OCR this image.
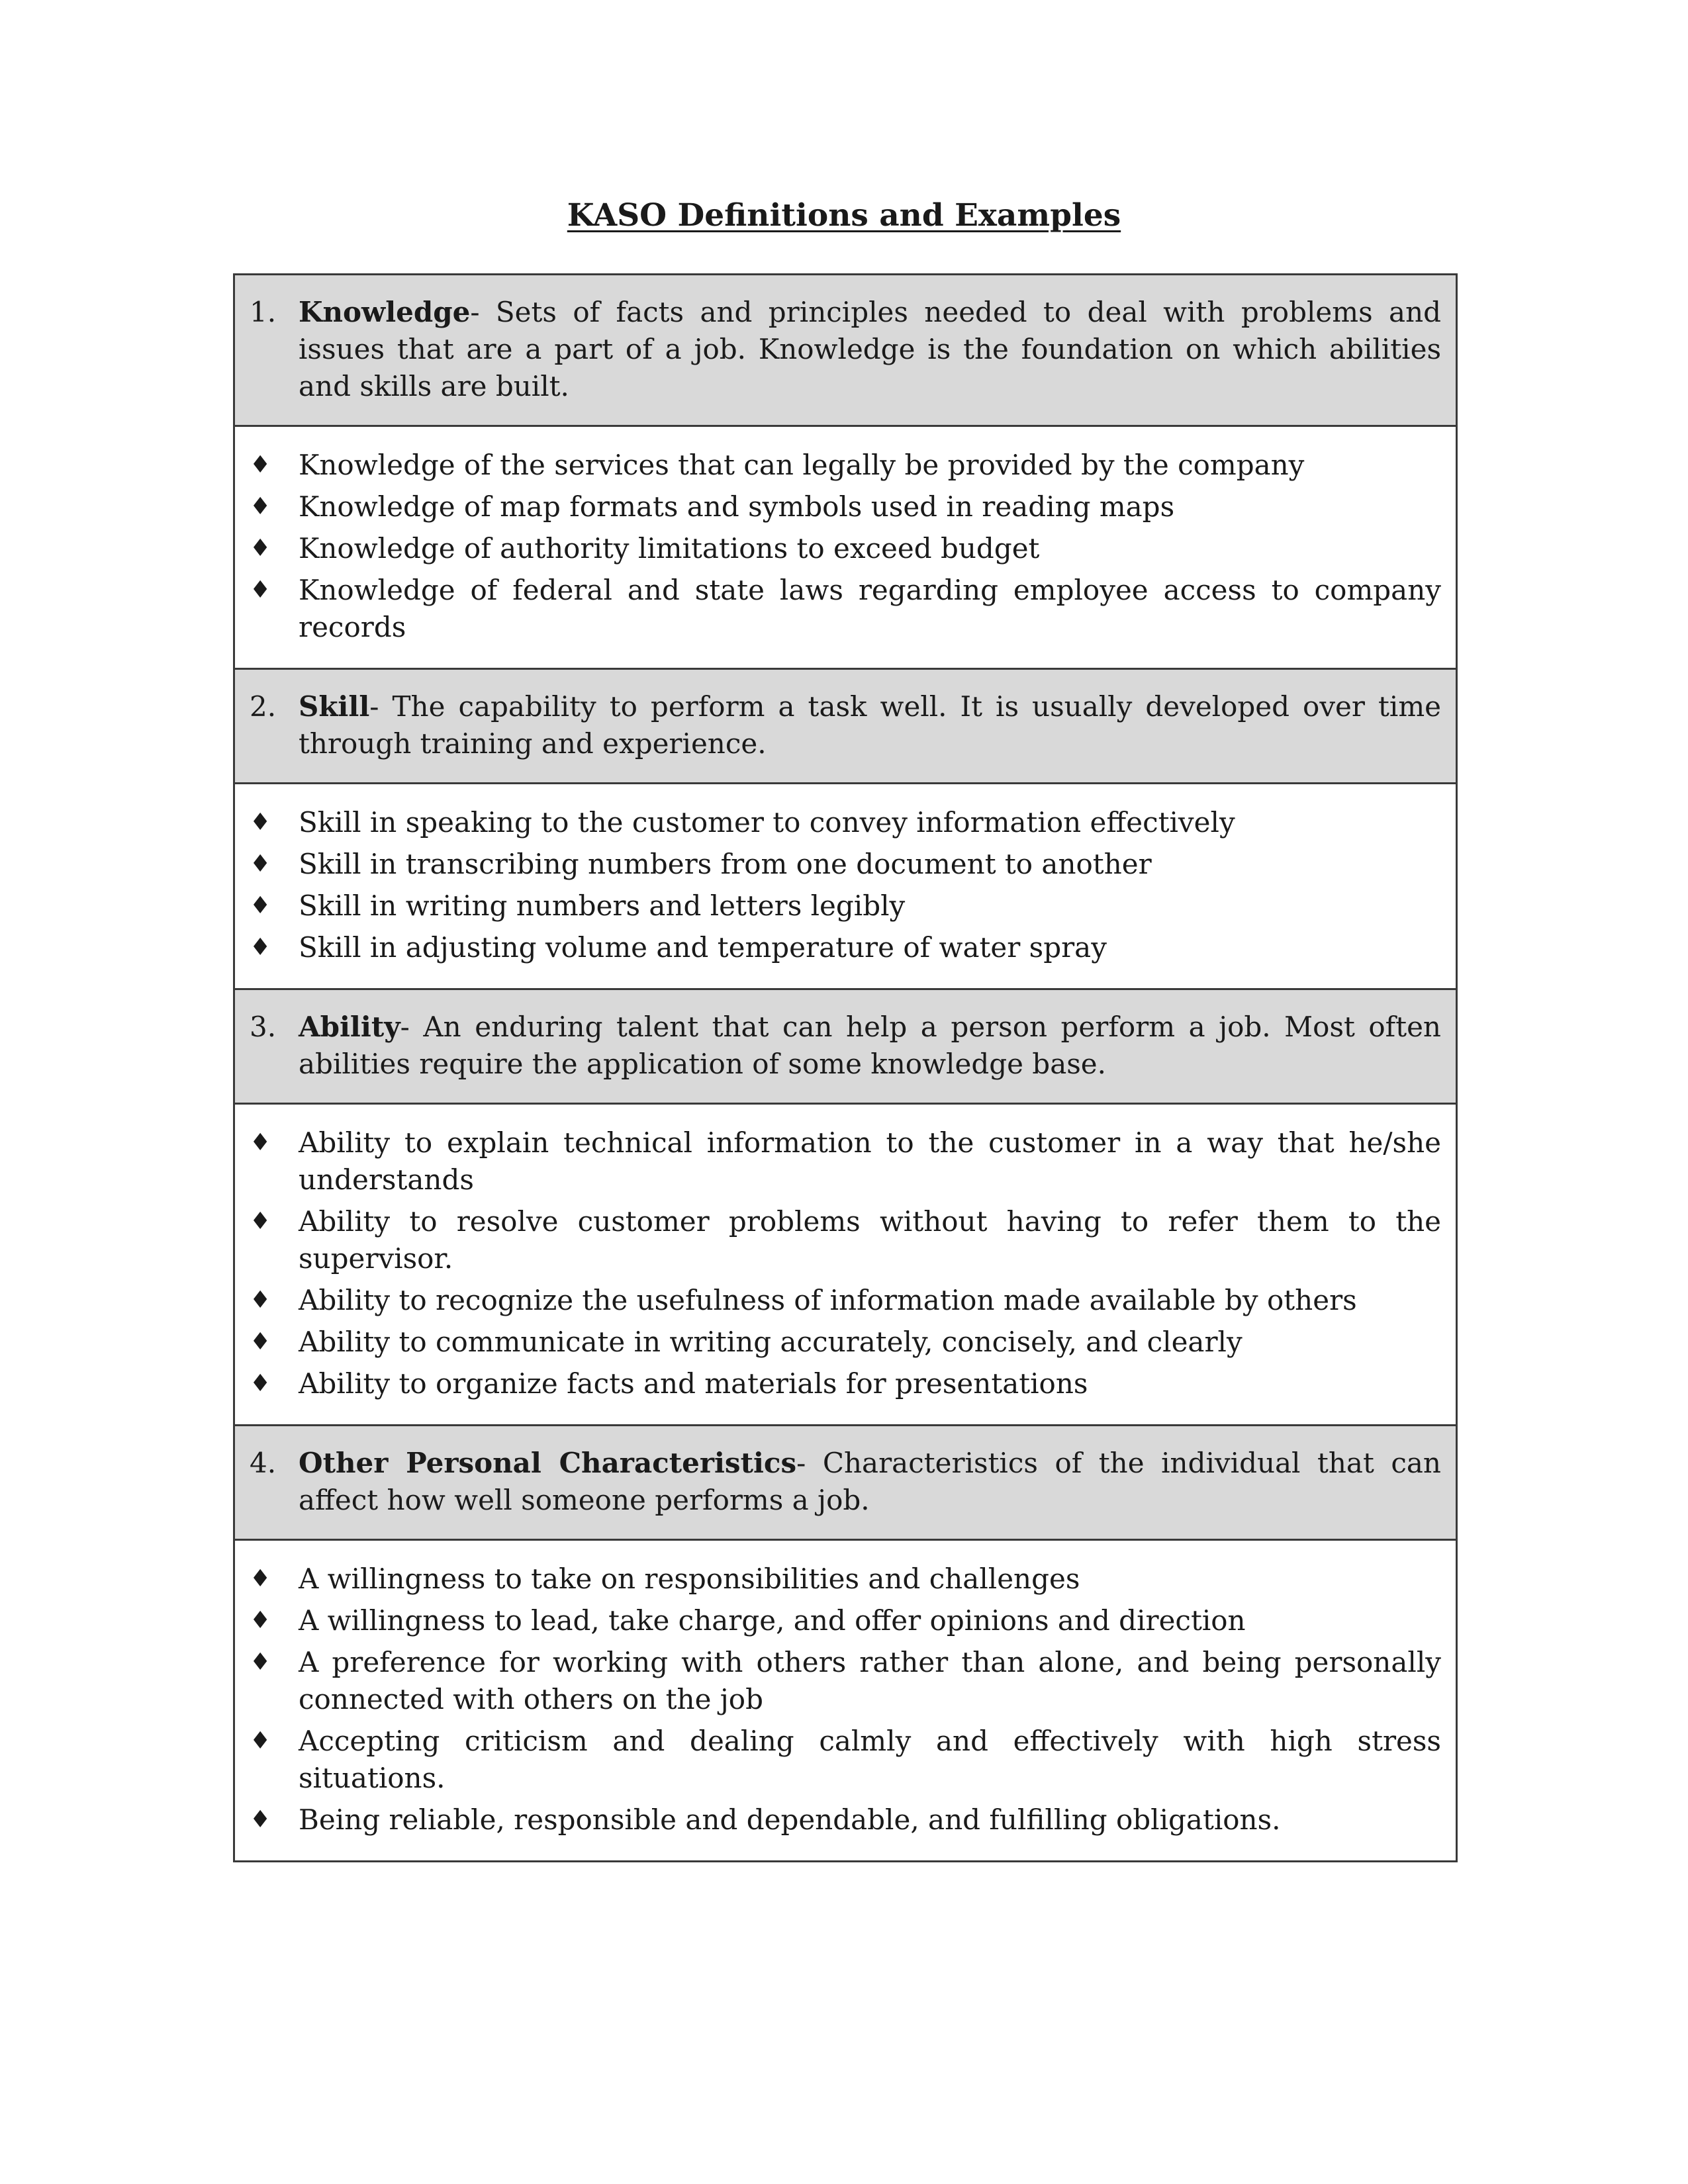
KASO Definitions and Examples
1. Knowledge- Sets of facts and principles needed to deal with problems and issues that are a part of a job. Knowledge is the foundation on which abilities and skills are built.
♦ Knowledge of the services that can legally be provided by the company
♦ Knowledge of map formats and symbols used in reading maps
♦ Knowledge of authority limitations to exceed budget
♦ Knowledge of federal and state laws regarding employee access to company records
2. Skill- The capability to perform a task well. It is usually developed over time through training and experience.
♦ Skill in speaking to the customer to convey information effectively
♦ Skill in transcribing numbers from one document to another
♦ Skill in writing numbers and letters legibly
♦ Skill in adjusting volume and temperature of water spray
3. Ability- An enduring talent that can help a person perform a job. Most often abilities require the application of some knowledge base.
♦ Ability to explain technical information to the customer in a way that he/she understands
♦ Ability to resolve customer problems without having to refer them to the supervisor.
♦ Ability to recognize the usefulness of information made available by others
♦ Ability to communicate in writing accurately, concisely, and clearly
♦ Ability to organize facts and materials for presentations
4. Other Personal Characteristics- Characteristics of the individual that can affect how well someone performs a job.
♦ A willingness to take on responsibilities and challenges
♦ A willingness to lead, take charge, and offer opinions and direction
♦ A preference for working with others rather than alone, and being personally connected with others on the job
♦ Accepting criticism and dealing calmly and effectively with high stress situations.
♦ Being reliable, responsible and dependable, and fulfilling obligations.
